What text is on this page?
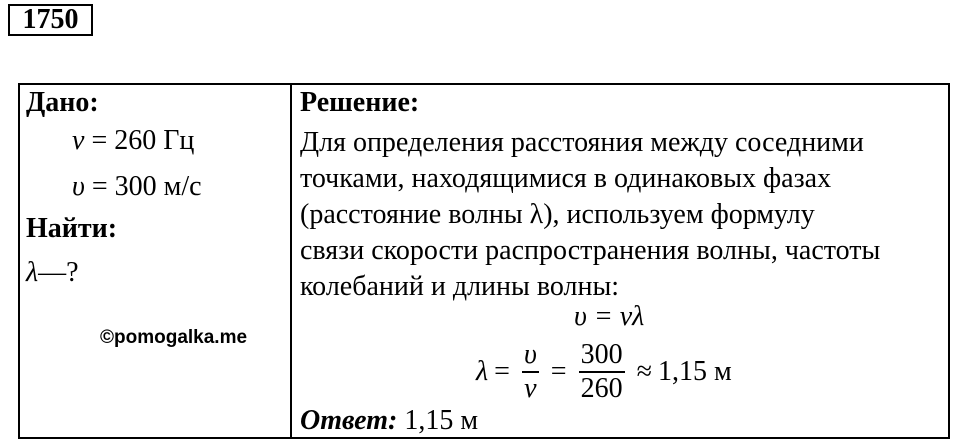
1750
Дано:
ν = 260 Гц
υ = 300 м/с
Найти:
λ—?
©pomogalka.me
Решение:
Для определения расстояния между соседними
точками, находящимися в одинаковых фазах
(расстояние волны λ), используем формулу
связи скорости распространения волны, частоты
колебаний и длины волны:
υ = νλ
$\lambda = \frac{\upsilon}{\nu} = \frac{300}{260} \approx 1,15$ м
Ответ: 1,15 м
